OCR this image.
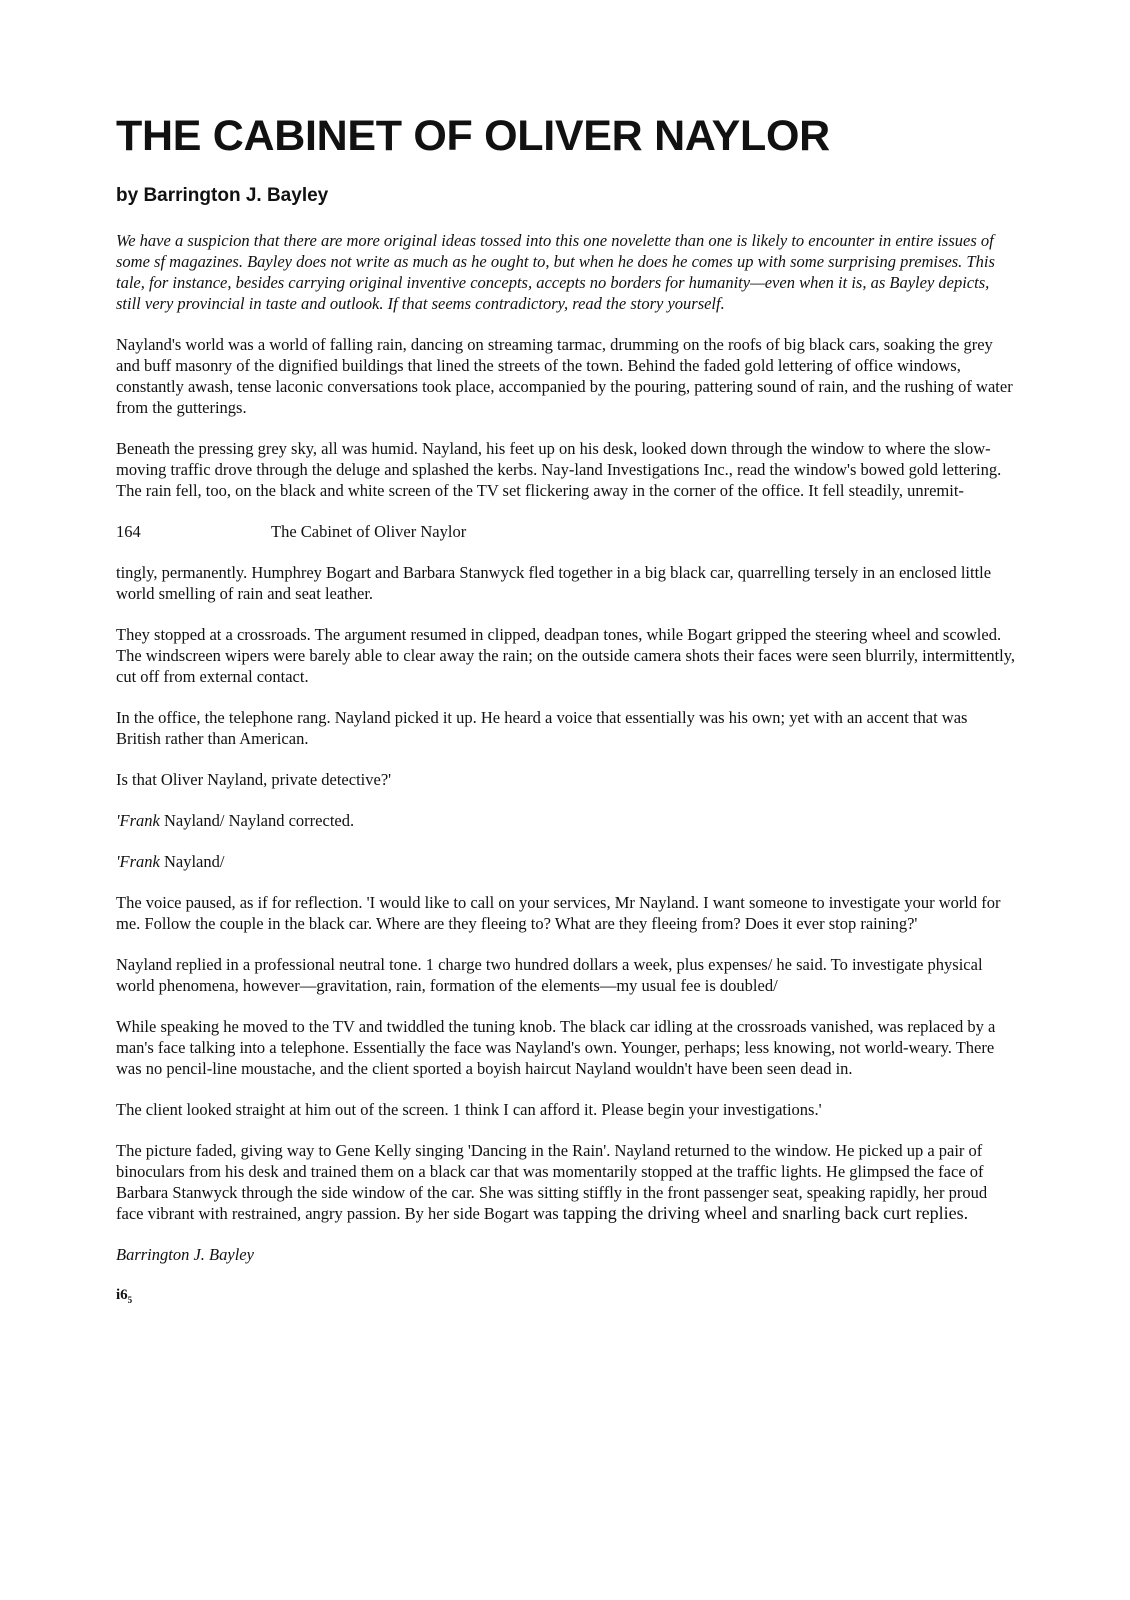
THE CABINET OF OLIVER NAYLOR
by Barrington J. Bayley

We have a suspicion that there are more original ideas tossed into this one novelette than one is likely to encounter in entire issues of some sf magazines. Bayley does not write as much as he ought to, but when he does he comes up with some surprising premises. This tale, for instance, besides carrying original inventive concepts, accepts no borders for humanity—even when it is, as Bayley depicts, still very provincial in taste and outlook. If that seems contradictory, read the story yourself.

Nayland's world was a world of falling rain, dancing on streaming tarmac, drumming on the roofs of big black cars, soaking the grey and buff masonry of the dignified buildings that lined the streets of the town. Behind the faded gold lettering of office windows, constantly awash, tense laconic conversations took place, accompanied by the pouring, pattering sound of rain, and the rushing of water from the gutterings.

Beneath the pressing grey sky, all was humid. Nayland, his feet up on his desk, looked down through the window to where the slow-moving traffic drove through the deluge and splashed the kerbs. Nay-land Investigations Inc., read the window's bowed gold lettering. The rain fell, too, on the black and white screen of the TV set flickering away in the corner of the office. It fell steadily, unremit-

164	The Cabinet of Oliver Naylor

tingly, permanently. Humphrey Bogart and Barbara Stanwyck fled together in a big black car, quarrelling tersely in an enclosed little world smelling of rain and seat leather.

They stopped at a crossroads. The argument resumed in clipped, deadpan tones, while Bogart gripped the steering wheel and scowled. The windscreen wipers were barely able to clear away the rain; on the outside camera shots their faces were seen blurrily, intermittently, cut off from external contact.

In the office, the telephone rang. Nayland picked it up. He heard a voice that essentially was his own; yet with an accent that was British rather than American.

Is that Oliver Nayland, private detective?'

'Frank Nayland/ Nayland corrected.

'Frank Nayland/

The voice paused, as if for reflection. 'I would like to call on your services, Mr Nayland. I want someone to investigate your world for me. Follow the couple in the black car. Where are they fleeing to? What are they fleeing from? Does it ever stop raining?'

Nayland replied in a professional neutral tone. 1 charge two hundred dollars a week, plus expenses/ he said. To investigate physical world phenomena, however—gravitation, rain, formation of the elements—my usual fee is doubled/

While speaking he moved to the TV and twiddled the tuning knob. The black car idling at the crossroads vanished, was replaced by a man's face talking into a telephone. Essentially the face was Nayland's own. Younger, perhaps; less knowing, not world-weary. There was no pencil-line moustache, and the client sported a boyish haircut Nayland wouldn't have been seen dead in.

The client looked straight at him out of the screen. 1 think I can afford it. Please begin your investigations.'

The picture faded, giving way to Gene Kelly singing 'Dancing in the Rain'. Nayland returned to the window. He picked up a pair of binoculars from his desk and trained them on a black car that was momentarily stopped at the traffic lights. He glimpsed the face of Barbara Stanwyck through the side window of the car. She was sitting stiffly in the front passenger seat, speaking rapidly, her proud face vibrant with restrained, angry passion. By her side Bogart was tapping the driving wheel and snarling back curt replies.

Barrington J. Bayley

$i6_5$
